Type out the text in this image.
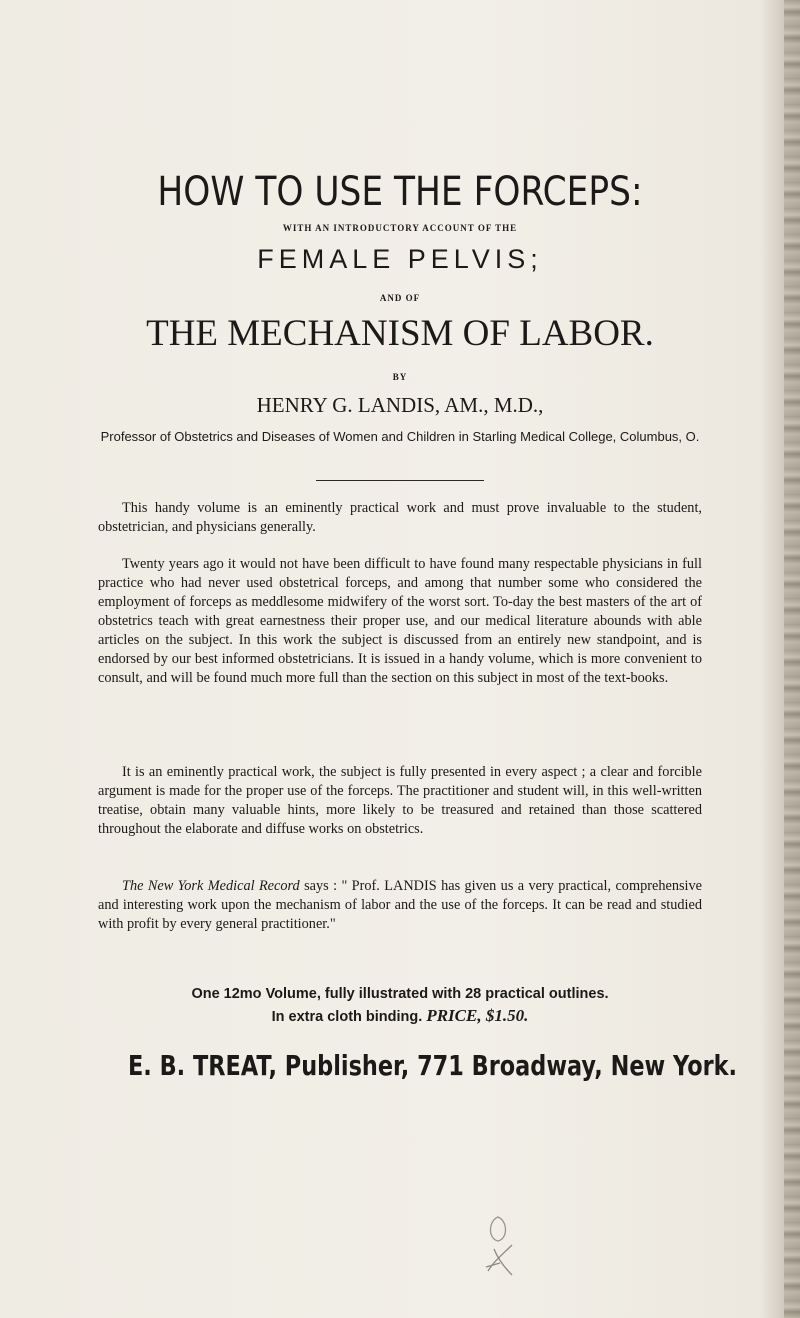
HOW TO USE THE FORCEPS:
WITH AN INTRODUCTORY ACCOUNT OF THE
FEMALE PELVIS;
AND OF
THE MECHANISM OF LABOR.
BY
HENRY G. LANDIS, AM., M.D.,
Professor of Obstetrics and Diseases of Women and Children in Starling Medical College, Columbus, O.

This handy volume is an eminently practical work and must prove invaluable to the student, obstetrician, and physicians generally.

Twenty years ago it would not have been difficult to have found many respectable physicians in full practice who had never used obstetrical forceps, and among that number some who considered the employment of forceps as meddlesome midwifery of the worst sort. To-day the best masters of the art of obstetrics teach with great earnestness their proper use, and our medical literature abounds with able articles on the subject. In this work the subject is discussed from an entirely new standpoint, and is endorsed by our best informed obstetricians. It is issued in a handy volume, which is more convenient to consult, and will be found much more full than the section on this subject in most of the text-books.

It is an eminently practical work, the subject is fully presented in every aspect ; a clear and forcible argument is made for the proper use of the forceps. The practitioner and student will, in this well-written treatise, obtain many valuable hints, more likely to be treasured and retained than those scattered throughout the elaborate and diffuse works on obstetrics.

The New York Medical Record says : " Prof. LANDIS has given us a very practical, comprehensive and interesting work upon the mechanism of labor and the use of the forceps. It can be read and studied with profit by every general practitioner."

One 12mo Volume, fully illustrated with 28 practical outlines.
In extra cloth binding. PRICE, $1.50.
E. B. TREAT, Publisher, 771 Broadway, New York.
